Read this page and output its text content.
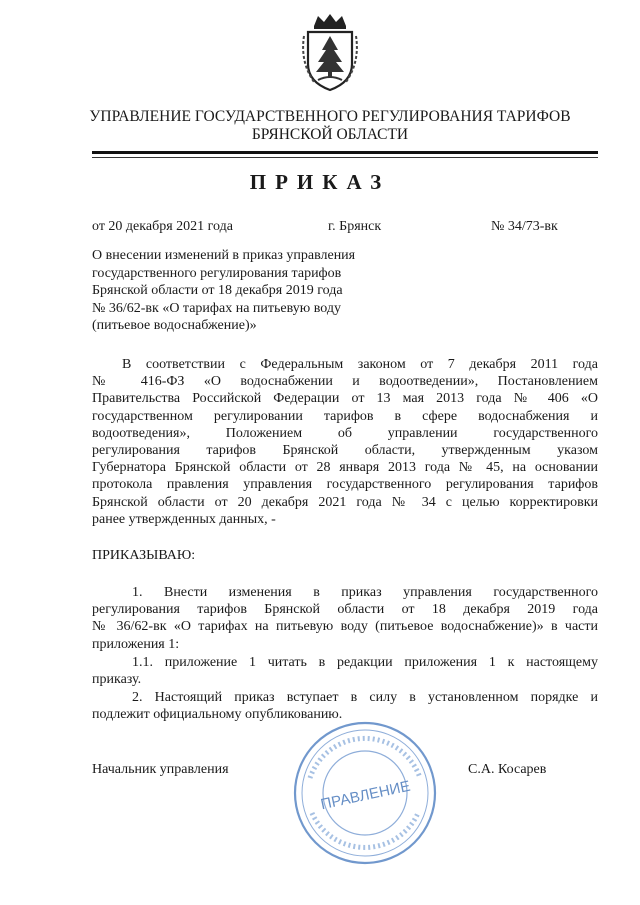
УПРАВЛЕНИЕ ГОСУДАРСТВЕННОГО РЕГУЛИРОВАНИЯ ТАРИФОВ
БРЯНСКОЙ ОБЛАСТИ
ПРИКАЗ
от 20 декабря 2021 года	г. Брянск	№ 34/73-вк
О внесении изменений в приказ управления
государственного регулирования тарифов
Брянской области от 18 декабря 2019 года
№ 36/62-вк «О тарифах на питьевую воду
(питьевое водоснабжение)»
В соответствии с Федеральным законом от 7 декабря 2011 года
№ 416-ФЗ «О водоснабжении и водоотведении», Постановлением
Правительства Российской Федерации от 13 мая 2013 года № 406 «О
государственном регулировании тарифов в сфере водоснабжения и
водоотведения», Положением об управлении государственного
регулирования тарифов Брянской области, утвержденным указом
Губернатора Брянской области от 28 января 2013 года № 45, на основании
протокола правления управления государственного регулирования тарифов
Брянской области от 20 декабря 2021 года № 34 с целью корректировки
ранее утвержденных данных, -
ПРИКАЗЫВАЮ:
1. Внести изменения в приказ управления государственного
регулирования тарифов Брянской области от 18 декабря 2019 года
№ 36/62-вк «О тарифах на питьевую воду (питьевое водоснабжение)» в части
приложения 1:
1.1. приложение 1 читать в редакции приложения 1 к настоящему
приказу.
2. Настоящий приказ вступает в силу в установленном порядке и
подлежит официальному опубликованию.
ПРАВЛЕНИЕ
Начальник управления	С.А. Косарев
